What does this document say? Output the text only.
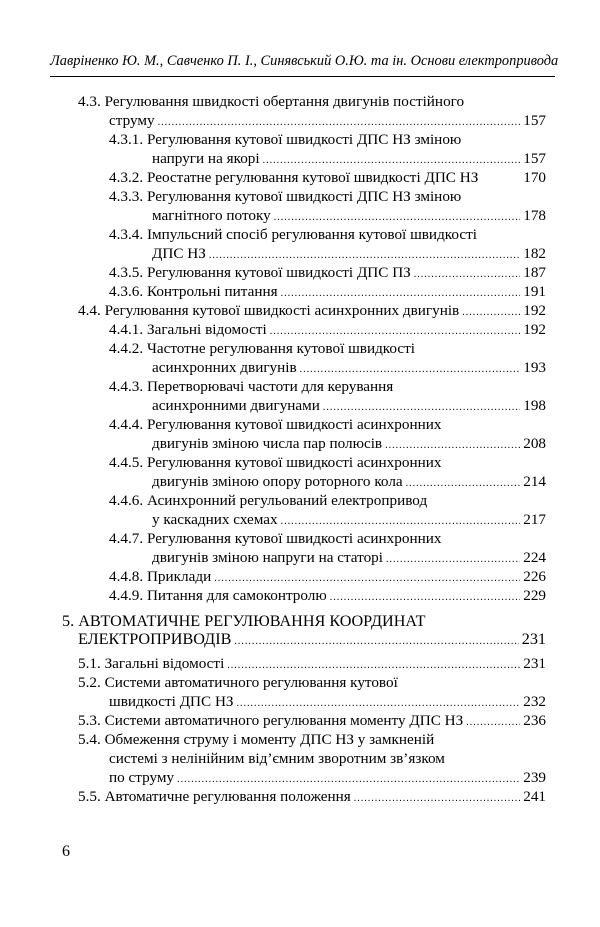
Лавріненко Ю. М., Савченко П. І., Синявський О.Ю. та ін. Основи електропривода
4.3. Регулювання швидкості обертання двигунів постійного
струму .....	157
4.3.1. Регулювання кутової швидкості ДПС НЗ зміною
напруги на якорі .....	157
4.3.2. Реостатне регулювання кутової швидкості ДПС НЗ	170
4.3.3. Регулювання кутової швидкості ДПС НЗ зміною
магнітного потоку .....	178
4.3.4. Імпульсний спосіб регулювання кутової швидкості
ДПС НЗ .....	182
4.3.5. Регулювання кутової швидкості ДПС ПЗ .....	187
4.3.6. Контрольні питання .....	191
4.4. Регулювання кутової швидкості асинхронних двигунів .....	192
4.4.1. Загальні відомості .....	192
4.4.2. Частотне регулювання кутової швидкості
асинхронних двигунів .....	193
4.4.3. Перетворювачі частоти для керування
асинхронними двигунами .....	198
4.4.4. Регулювання кутової швидкості асинхронних
двигунів зміною числа пар полюсів .....	208
4.4.5. Регулювання кутової швидкості асинхронних
двигунів зміною опору роторного кола .....	214
4.4.6. Асинхронний регульований електропривод
у каскадних схемах .....	217
4.4.7. Регулювання кутової швидкості асинхронних
двигунів зміною напруги на статорі .....	224
4.4.8. Приклади .....	226
4.4.9. Питання для самоконтролю .....	229
5. АВТОМАТИЧНЕ РЕГУЛЮВАННЯ КООРДИНАТ
ЕЛЕКТРОПРИВОДІВ .....	231
5.1. Загальні відомості .....	231
5.2. Системи автоматичного регулювання кутової
швидкості ДПС НЗ .....	232
5.3. Системи автоматичного регулювання моменту ДПС НЗ .....	236
5.4. Обмеження струму і моменту ДПС НЗ у замкненій
системі з нелінійним від’ємним зворотним зв’язком
по струму .....	239
5.5. Автоматичне регулювання положення .....	241
6
